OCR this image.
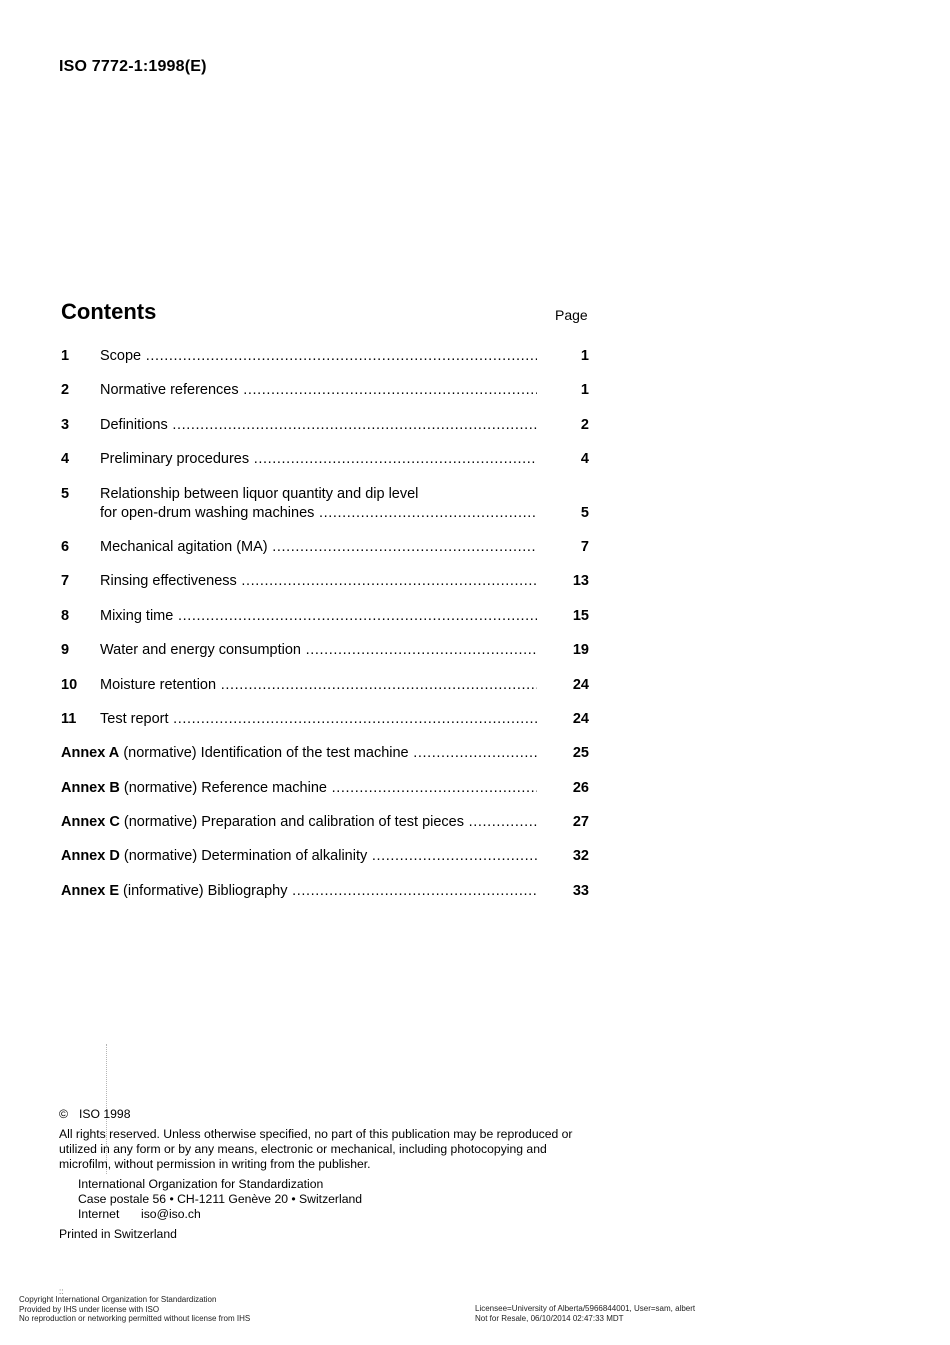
ISO 7772-1:1998(E)
Contents	Page
1 Scope .....	1
2 Normative references .....	1
3 Definitions .....	2
4 Preliminary procedures .....	4
5 Relationship between liquor quantity and dip level
for open-drum washing machines .....	5
6 Mechanical agitation (MA) .....	7
7 Rinsing effectiveness .....	13
8 Mixing time .....	15
9 Water and energy consumption .....	19
10 Moisture retention .....	24
11 Test report .....	24
Annex A (normative) Identification of the test machine .....	25
Annex B (normative) Reference machine .....	26
Annex C (normative) Preparation and calibration of test pieces .....	27
Annex D (normative) Determination of alkalinity .....	32
Annex E (informative) Bibliography .....	33
© ISO 1998

All rights reserved. Unless otherwise specified, no part of this publication may be reproduced or utilized in any form or by any means, electronic or mechanical, including photocopying and microfilm, without permission in writing from the publisher.

International Organization for Standardization
Case postale 56 • CH-1211 Genève 20 • Switzerland
Internet iso@iso.ch
Printed in Switzerland
::
Copyright International Organization for Standardization
Provided by IHS under license with ISO
No reproduction or networking permitted without license from IHS
Licensee=University of Alberta/5966844001, User=sam, albert
Not for Resale, 06/10/2014 02:47:33 MDT
